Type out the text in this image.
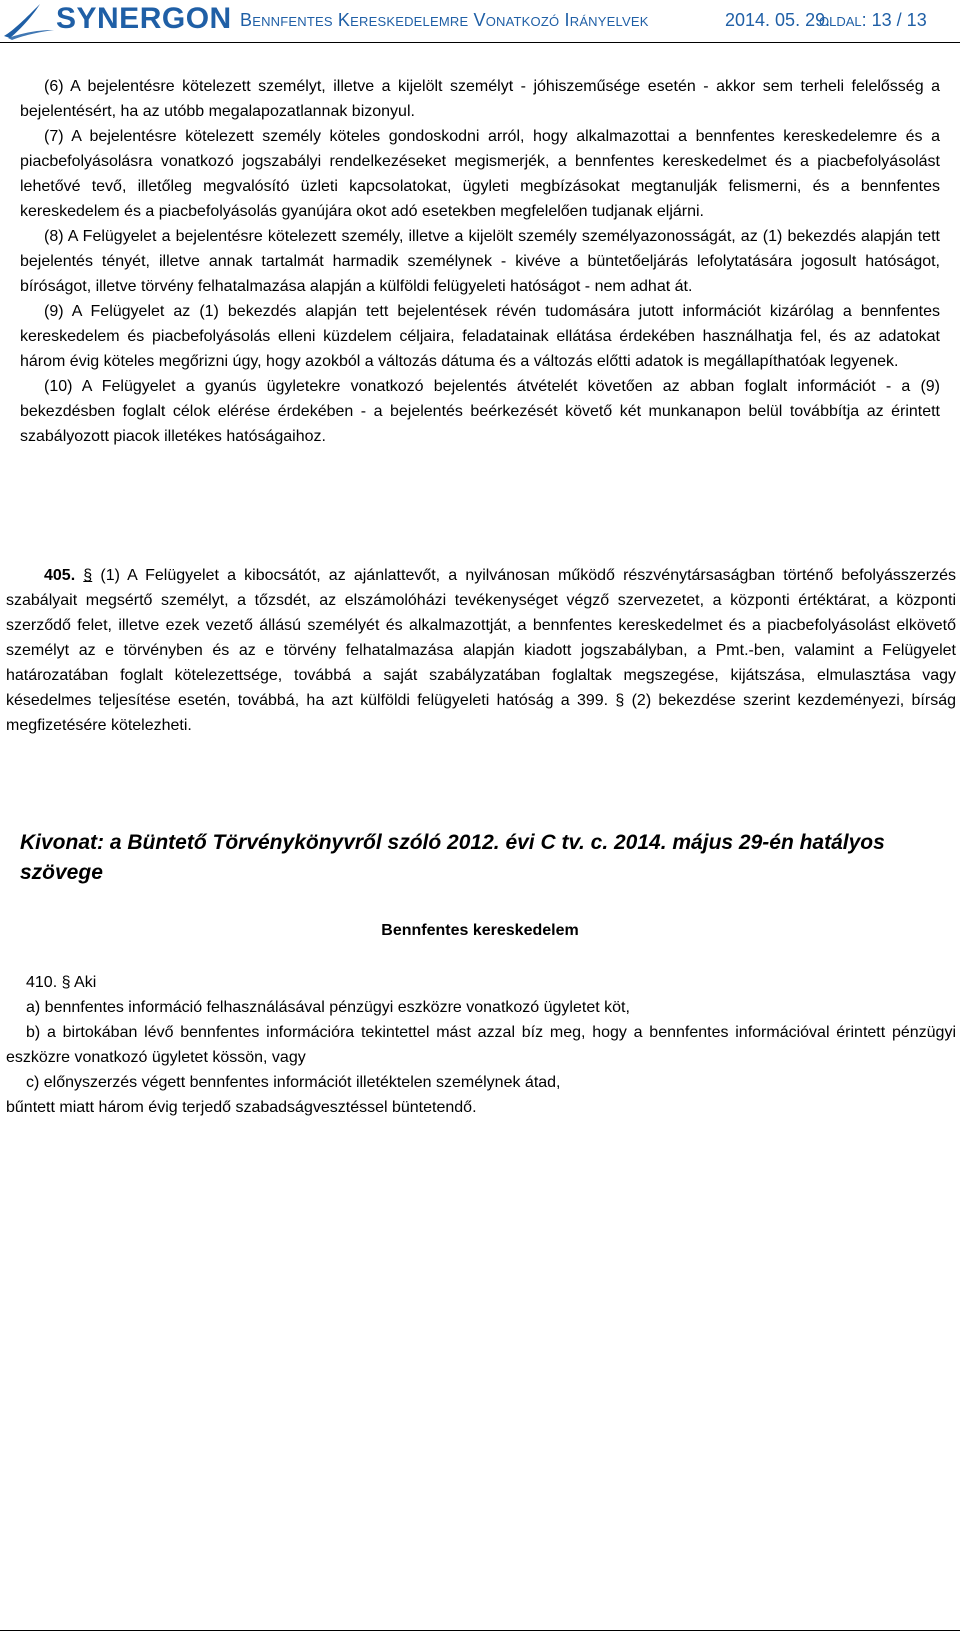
SYNERGON Bennfentes Kereskedelemre Vonatkozó Irányelvek	2014. 05. 29.
oldal: 13 / 13

(6) A bejelentésre kötelezett személyt, illetve a kijelölt személyt - jóhiszeműsége esetén - akkor sem terheli felelősség a bejelentésért, ha az utóbb megalapozatlannak bizonyul.

(7) A bejelentésre kötelezett személy köteles gondoskodni arról, hogy alkalmazottai a bennfentes kereskedelemre és a piacbefolyásolásra vonatkozó jogszabályi rendelkezéseket megismerjék, a bennfentes kereskedelmet és a piacbefolyásolást lehetővé tevő, illetőleg megvalósító üzleti kapcsolatokat, ügyleti megbízásokat megtanulják felismerni, és a bennfentes kereskedelem és a piacbefolyásolás gyanújára okot adó esetekben megfelelően tudjanak eljárni.

(8) A Felügyelet a bejelentésre kötelezett személy, illetve a kijelölt személy személyazonosságát, az (1) bekezdés alapján tett bejelentés tényét, illetve annak tartalmát harmadik személynek - kivéve a büntetőeljárás lefolytatására jogosult hatóságot, bíróságot, illetve törvény felhatalmazása alapján a külföldi felügyeleti hatóságot - nem adhat át.

(9) A Felügyelet az (1) bekezdés alapján tett bejelentések révén tudomására jutott információt kizárólag a bennfentes kereskedelem és piacbefolyásolás elleni küzdelem céljaira, feladatainak ellátása érdekében használhatja fel, és az adatokat három évig köteles megőrizni úgy, hogy azokból a változás dátuma és a változás előtti adatok is megállapíthatóak legyenek.

(10) A Felügyelet a gyanús ügyletekre vonatkozó bejelentés átvételét követően az abban foglalt információt - a (9) bekezdésben foglalt célok elérése érdekében - a bejelentés beérkezését követő két munkanapon belül továbbítja az érintett szabályozott piacok illetékes hatóságaihoz.

405. § (1) A Felügyelet a kibocsátót, az ajánlattevőt, a nyilvánosan működő részvénytársaságban történő befolyásszerzés szabályait megsértő személyt, a tőzsdét, az elszámolóházi tevékenységet végző szervezetet, a központi értéktárat, a központi szerződő felet, illetve ezek vezető állású személyét és alkalmazottját, a bennfentes kereskedelmet és a piacbefolyásolást elkövető személyt az e törvényben és az e törvény felhatalmazása alapján kiadott jogszabályban, a Pmt.-ben, valamint a Felügyelet határozatában foglalt kötelezettsége, továbbá a saját szabályzatában foglaltak megszegése, kijátszása, elmulasztása vagy késedelmes teljesítése esetén, továbbá, ha azt külföldi felügyeleti hatóság a 399. § (2) bekezdése szerint kezdeményezi, bírság megfizetésére kötelezheti.

Kivonat: a Büntető Törvénykönyvről szóló 2012. évi C tv. c. 2014. május 29-én hatályos szövege
Bennfentes kereskedelem

410. § Aki

a) bennfentes információ felhasználásával pénzügyi eszközre vonatkozó ügyletet köt,

b) a birtokában lévő bennfentes információra tekintettel mást azzal bíz meg, hogy a bennfentes információval érintett pénzügyi eszközre vonatkozó ügyletet kössön, vagy

c) előnyszerzés végett bennfentes információt illetéktelen személynek átad,

bűntett miatt három évig terjedő szabadságvesztéssel büntetendő.
